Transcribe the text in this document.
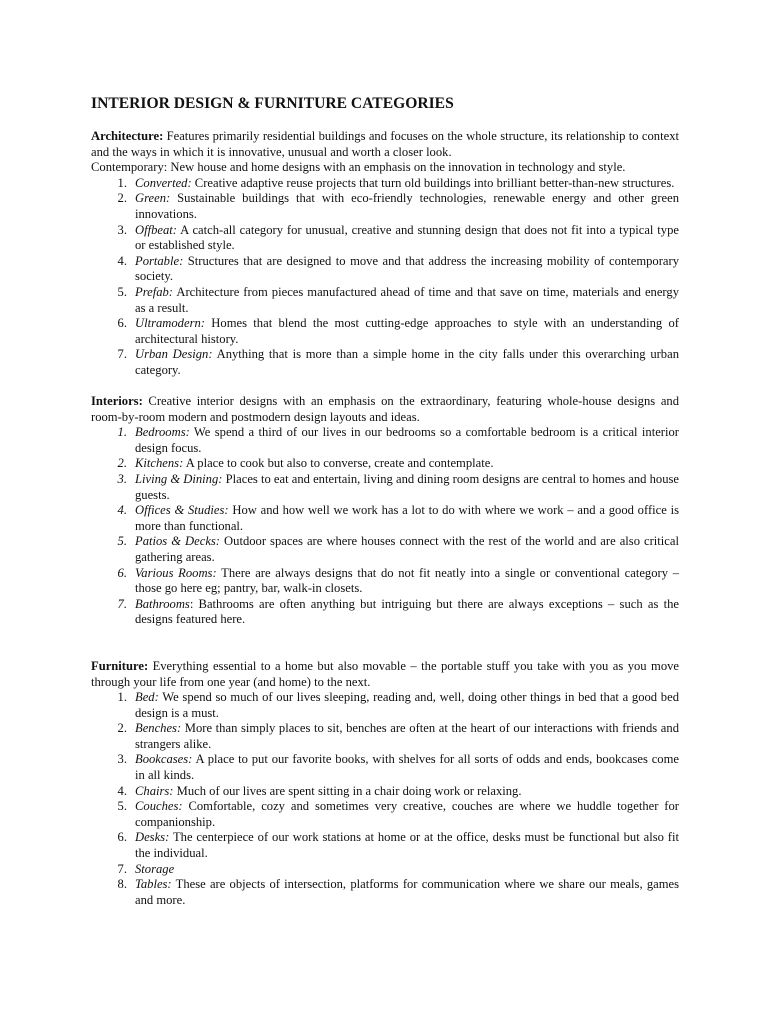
INTERIOR DESIGN & FURNITURE CATEGORIES

Architecture: Features primarily residential buildings and focuses on the whole structure, its relationship to context and the ways in which it is innovative, unusual and worth a closer look.

Contemporary: New house and home designs with an emphasis on the innovation in technology and style.

1. Converted: Creative adaptive reuse projects that turn old buildings into brilliant better-than-new structures.
2. Green: Sustainable buildings that with eco-friendly technologies, renewable energy and other green innovations.
3. Offbeat: A catch-all category for unusual, creative and stunning design that does not fit into a typical type or established style.
4. Portable: Structures that are designed to move and that address the increasing mobility of contemporary society.
5. Prefab: Architecture from pieces manufactured ahead of time and that save on time, materials and energy as a result.
6. Ultramodern: Homes that blend the most cutting-edge approaches to style with an understanding of architectural history.
7. Urban Design: Anything that is more than a simple home in the city falls under this overarching urban category.

Interiors: Creative interior designs with an emphasis on the extraordinary, featuring whole-house designs and room-by-room modern and postmodern design layouts and ideas.

1. Bedrooms: We spend a third of our lives in our bedrooms so a comfortable bedroom is a critical interior design focus.
2. Kitchens: A place to cook but also to converse, create and contemplate.
3. Living & Dining: Places to eat and entertain, living and dining room designs are central to homes and house guests.
4. Offices & Studies: How and how well we work has a lot to do with where we work – and a good office is more than functional.
5. Patios & Decks: Outdoor spaces are where houses connect with the rest of the world and are also critical gathering areas.
6. Various Rooms: There are always designs that do not fit neatly into a single or conventional category – those go here eg; pantry, bar, walk-in closets.
7. Bathrooms: Bathrooms are often anything but intriguing but there are always exceptions – such as the designs featured here.

Furniture: Everything essential to a home but also movable – the portable stuff you take with you as you move through your life from one year (and home) to the next.

1. Bed: We spend so much of our lives sleeping, reading and, well, doing other things in bed that a good bed design is a must.
2. Benches: More than simply places to sit, benches are often at the heart of our interactions with friends and strangers alike.
3. Bookcases: A place to put our favorite books, with shelves for all sorts of odds and ends, bookcases come in all kinds.
4. Chairs: Much of our lives are spent sitting in a chair doing work or relaxing.
5. Couches: Comfortable, cozy and sometimes very creative, couches are where we huddle together for companionship.
6. Desks: The centerpiece of our work stations at home or at the office, desks must be functional but also fit the individual.
7. Storage
8. Tables: These are objects of intersection, platforms for communication where we share our meals, games and more.
